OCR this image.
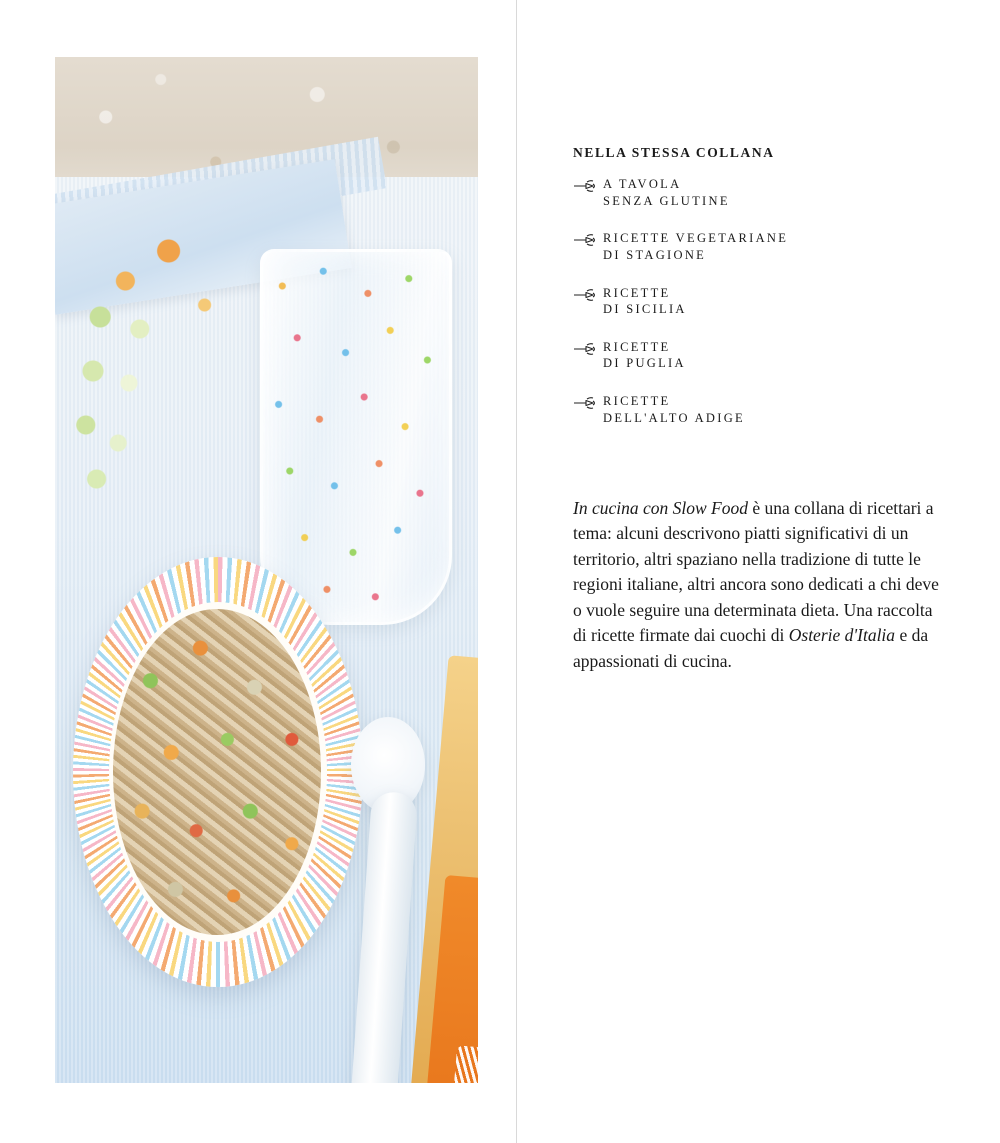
NELLA STESSA COLLANA
A TAVOLA
SENZA GLUTINE
RICETTE VEGETARIANE
DI STAGIONE
RICETTE
DI SICILIA
RICETTE
DI PUGLIA
RICETTE
DELL'ALTO ADIGE

In cucina con Slow Food è una collana di ricettari a tema: alcuni descrivono piatti significativi di un territorio, altri spaziano nella tradizione di tutte le regioni italiane, altri ancora sono dedicati a chi deve o vuole seguire una determinata dieta. Una raccolta di ricette firmate dai cuochi di Osterie d'Italia e da appassionati di cucina.
